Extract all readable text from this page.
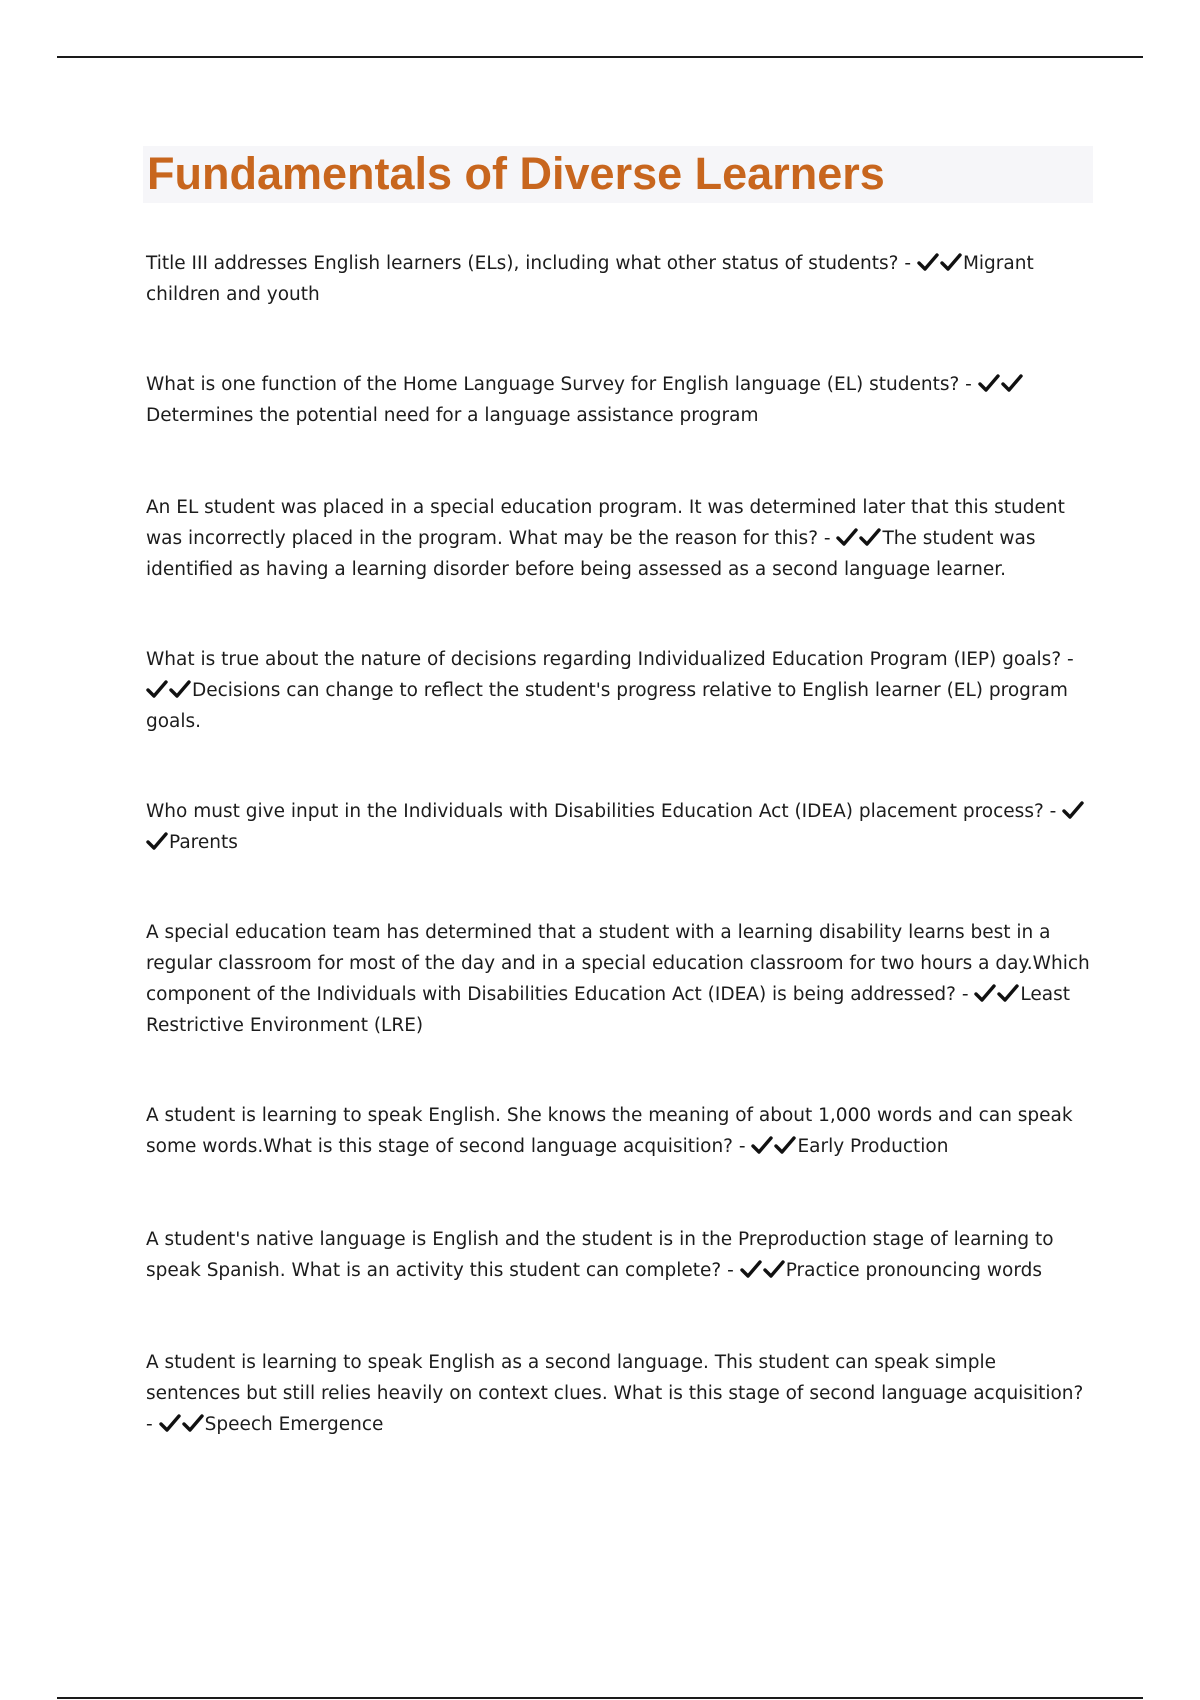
Fundamentals of Diverse Learners

Title III addresses English learners (ELs), including what other status of students? -	Migrant children and youth

What is one function of the Home Language Survey for English language (EL) students? - Determines the potential need for a language assistance program

An EL student was placed in a special education program. It was determined later that this student was incorrectly placed in the program. What may be the reason for this? -	The student was identified as having a learning disorder before being assessed as a second language learner.

What is true about the nature of decisions regarding Individualized Education Program (IEP) goals? - Decisions can change to reflect the student's progress relative to English learner (EL) program goals.

Who must give input in the Individuals with Disabilities Education Act (IDEA) placement process? - Parents

A special education team has determined that a student with a learning disability learns best in a regular classroom for most of the day and in a special education classroom for two hours a day.Which component of the Individuals with Disabilities Education Act (IDEA) is being addressed? -	Least Restrictive Environment (LRE)

A student is learning to speak English. She knows the meaning of about 1,000 words and can speak some words.What is this stage of second language acquisition? -	Early Production

A student's native language is English and the student is in the Preproduction stage of learning to speak Spanish. What is an activity this student can complete? -	Practice pronouncing words

A student is learning to speak English as a second language. This student can speak simple sentences but still relies heavily on context clues. What is this stage of second language acquisition? -	Speech Emergence
